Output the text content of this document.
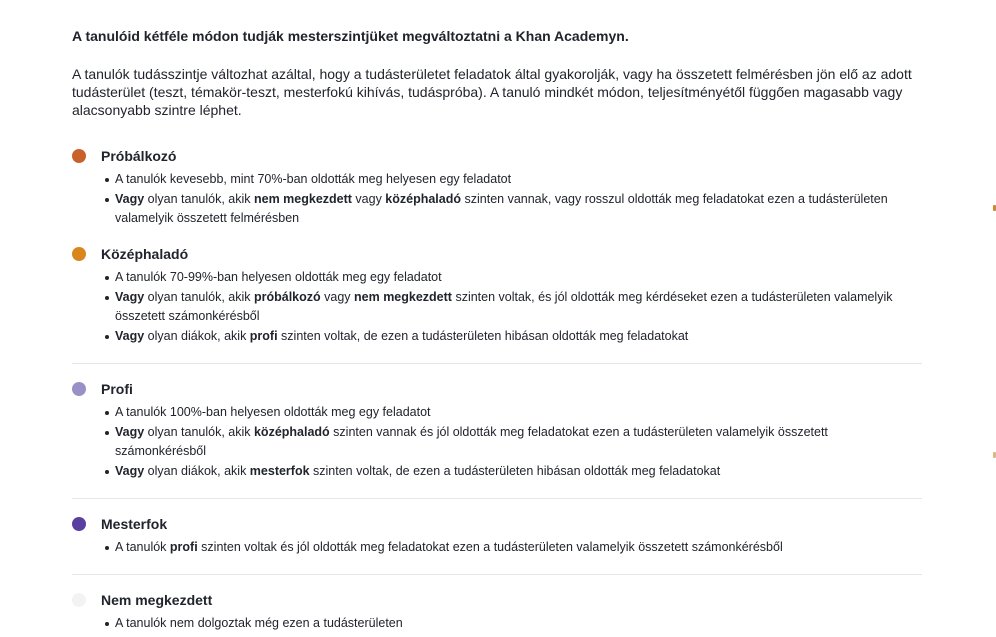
A tanulóid kétféle módon tudják mesterszintjüket megváltoztatni a Khan Academyn.

A tanulók tudásszintje változhat azáltal, hogy a tudásterületet feladatok által gyakorolják, vagy ha összetett felmérésben jön elő az adott tudásterület (teszt, témakör-teszt, mesterfokú kihívás, tudáspróba). A tanuló mindkét módon, teljesítményétől függően magasabb vagy alacsonyabb szintre léphet.

Próbálkozó

A tanulók kevesebb, mint 70%-ban oldották meg helyesen egy feladatot
Vagy olyan tanulók, akik nem megkezdett vagy középhaladó szinten vannak, vagy rosszul oldották meg feladatokat ezen a tudásterületen valamelyik összetett felmérésben

Középhaladó

A tanulók 70-99%-ban helyesen oldották meg egy feladatot
Vagy olyan tanulók, akik próbálkozó vagy nem megkezdett szinten voltak, és jól oldották meg kérdéseket ezen a tudásterületen valamelyik összetett számonkérésből
Vagy olyan diákok, akik profi szinten voltak, de ezen a tudásterületen hibásan oldották meg feladatokat

Profi

A tanulók 100%-ban helyesen oldották meg egy feladatot
Vagy olyan tanulók, akik középhaladó szinten vannak és jól oldották meg feladatokat ezen a tudásterületen valamelyik összetett számonkérésből
Vagy olyan diákok, akik mesterfok szinten voltak, de ezen a tudásterületen hibásan oldották meg feladatokat

Mesterfok

A tanulók profi szinten voltak és jól oldották meg feladatokat ezen a tudásterületen valamelyik összetett számonkérésből

Nem megkezdett

A tanulók nem dolgoztak még ezen a tudásterületen
